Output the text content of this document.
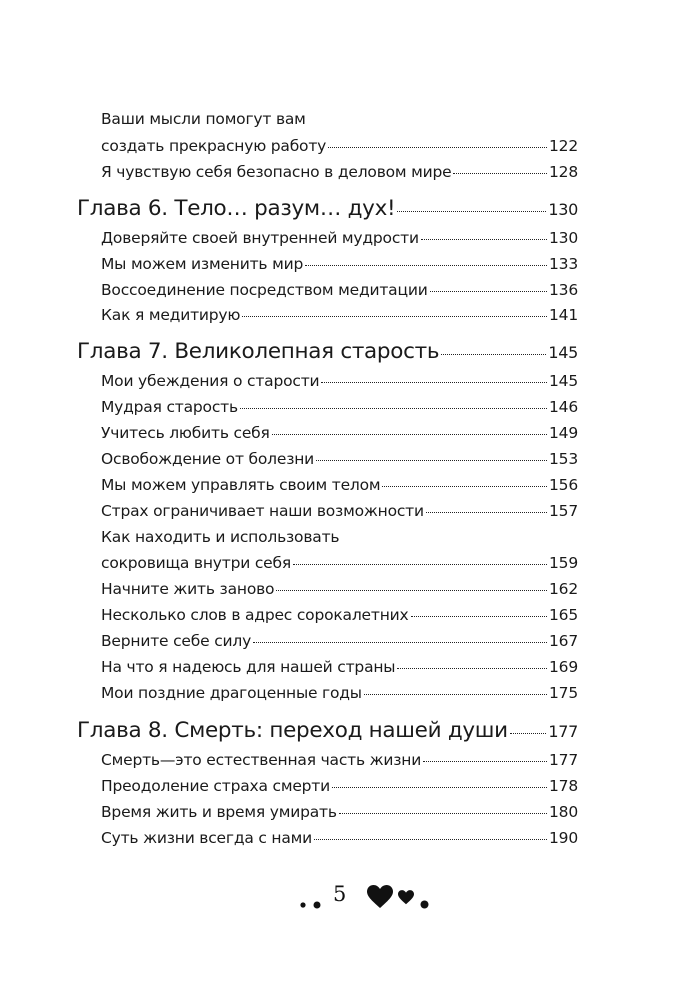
Ваши мысли помогут вам
создать прекрасную работу	122
Я чувствую себя безопасно в деловом мире	128
Глава 6. Тело… разум… дух!	130
Доверяйте своей внутренней мудрости	130
Мы можем изменить мир	133
Воссоединение посредством медитации	136
Как я медитирую	141
Глава 7. Великолепная старость	145
Мои убеждения о старости	145
Мудрая старость	146
Учитесь любить себя	149
Освобождение от болезни	153
Мы можем управлять своим телом	156
Страх ограничивает наши возможности	157
Как находить и использовать
сокровища внутри себя	159
Начните жить заново	162
Несколько слов в адрес сорокалетних	165
Верните себе силу	167
На что я надеюсь для нашей страны	169
Мои поздние драгоценные годы	175
Глава 8. Смерть: переход нашей души	177
Смерть—это естественная часть жизни	177
Преодоление страха смерти	178
Время жить и время умирать	180
Суть жизни всегда с нами	190
5
